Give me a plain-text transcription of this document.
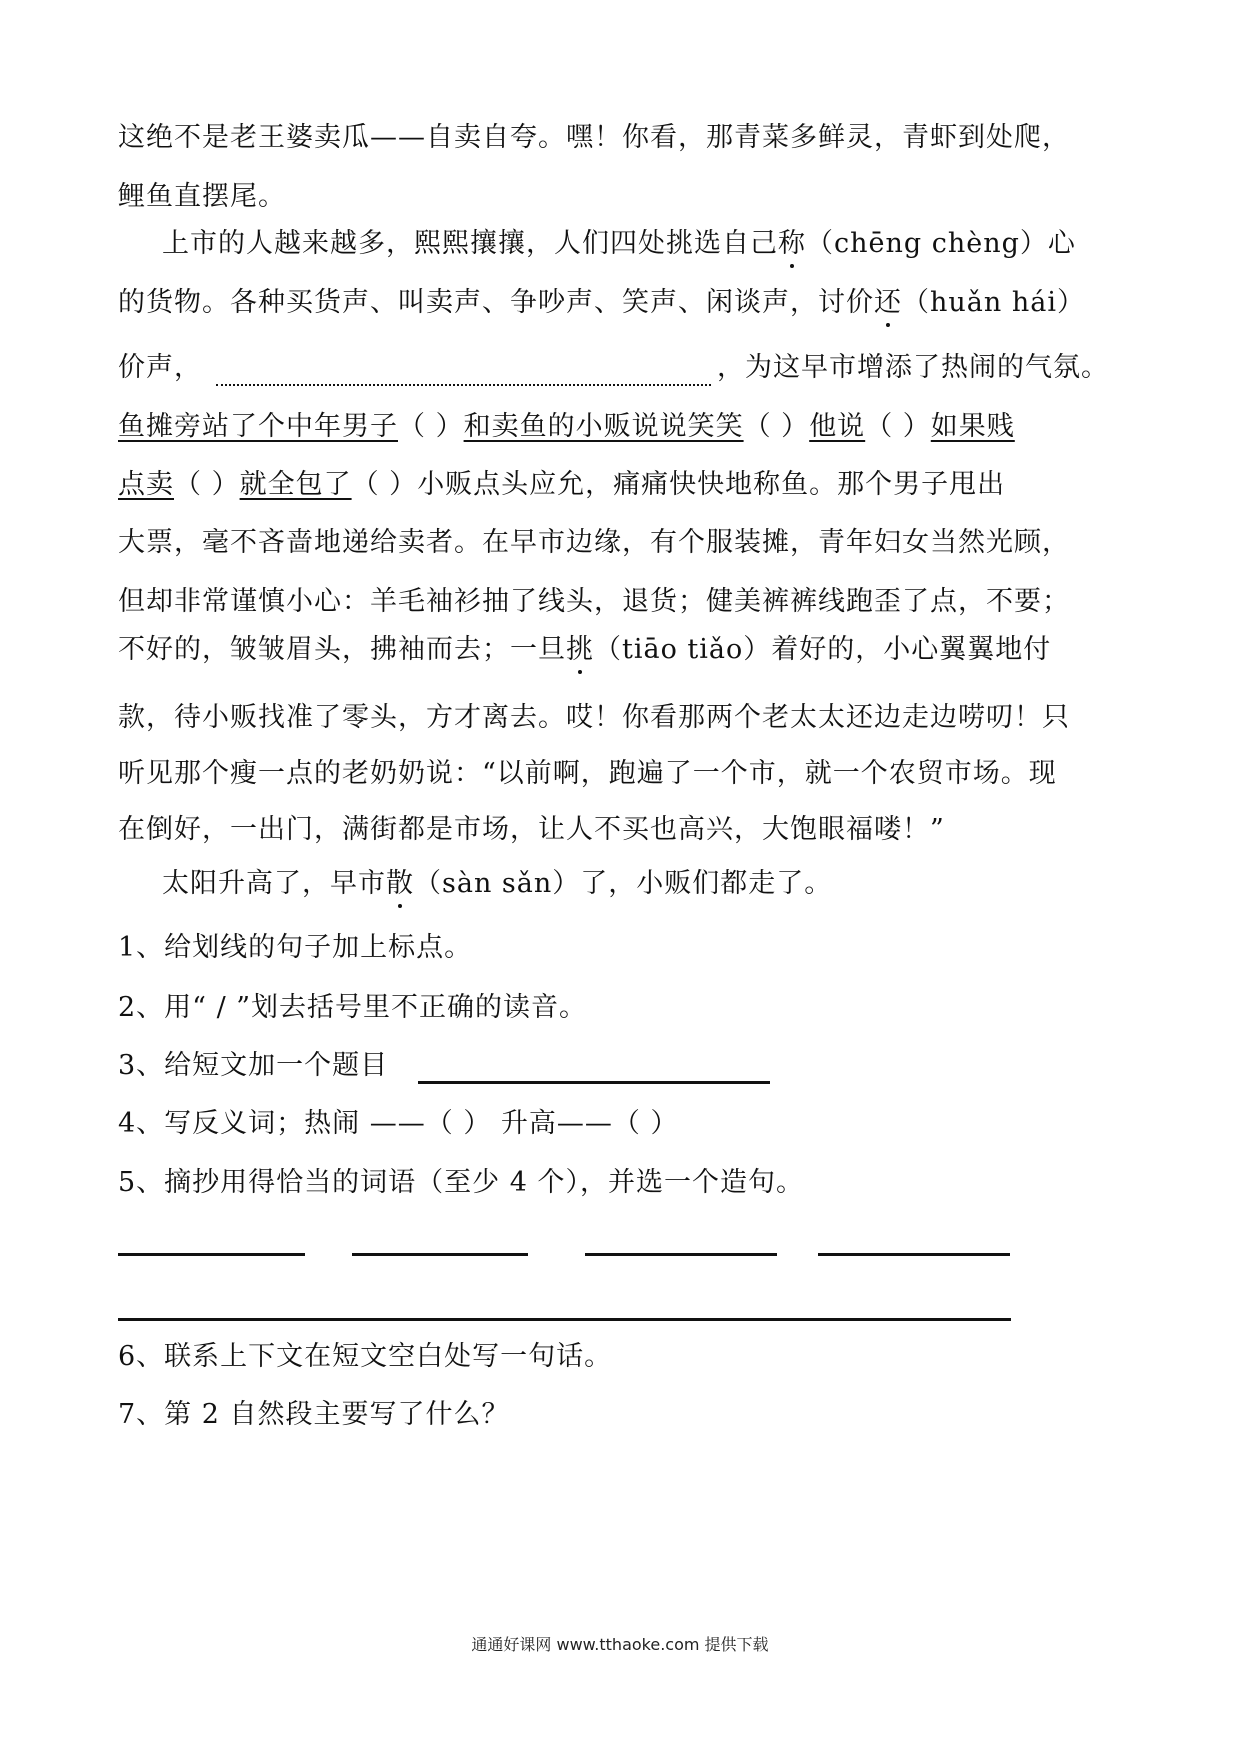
这绝不是老王婆卖瓜——自卖自夸。嘿！你看，那青菜多鲜灵，青虾到处爬，
鲤鱼直摆尾。
上市的人越来越多，熙熙攘攘，人们四处挑选自己称（chēng chèng）心
的货物。各种买货声、叫卖声、争吵声、笑声、闲谈声，讨价还（huǎn hái）
价声，	，为这早市增添了热闹的气氛。
鱼摊旁站了个中年男子（ ）和卖鱼的小贩说说笑笑（ ）他说（ ）如果贱
点卖（ ）就全包了（ ）小贩点头应允，痛痛快快地称鱼。那个男子甩出
大票，毫不吝啬地递给卖者。在早市边缘，有个服装摊，青年妇女当然光顾，
但却非常谨慎小心：羊毛袖衫抽了线头，退货；健美裤裤线跑歪了点，不要；
不好的，皱皱眉头，拂袖而去；一旦挑（tiāo tiǎo）着好的，小心翼翼地付
款，待小贩找准了零头，方才离去。哎！你看那两个老太太还边走边唠叨！只
听见那个瘦一点的老奶奶说：“以前啊，跑遍了一个市，就一个农贸市场。现
在倒好，一出门，满街都是市场，让人不买也高兴，大饱眼福喽！”
太阳升高了，早市散（sàn sǎn）了，小贩们都走了。
1、给划线的句子加上标点。
2、用“ / ”划去括号里不正确的读音。
3、给短文加一个题目
4、写反义词；热闹 ——（ ） 升高——（ ）
5、摘抄用得恰当的词语（至少 4 个），并选一个造句。
6、联系上下文在短文空白处写一句话。
7、第 2 自然段主要写了什么？
通通好课网 www.tthaoke.com 提供下载
